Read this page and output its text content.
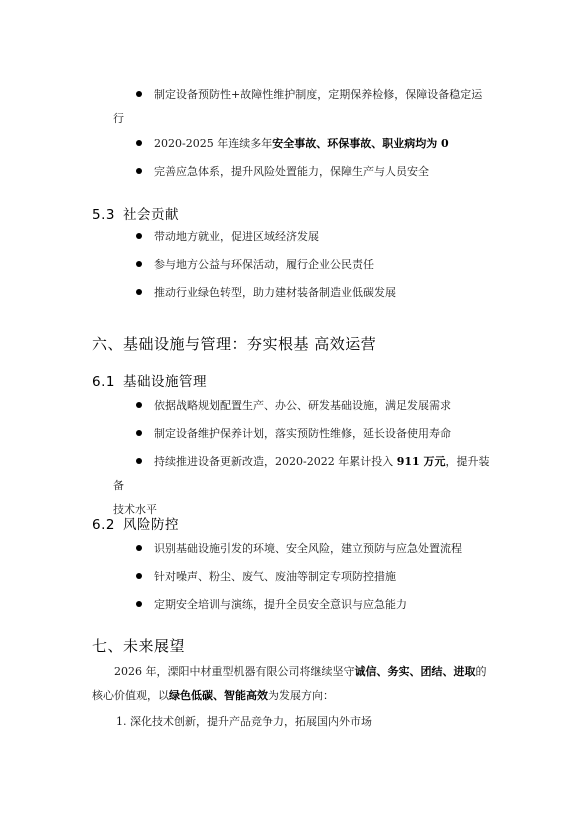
制定设备预防性+故障性维护制度，定期保养检修，保障设备稳定运
行
2020-2025 年连续多年安全事故、环保事故、职业病均为 0
完善应急体系，提升风险处置能力，保障生产与人员安全
5.3 社会贡献
带动地方就业，促进区域经济发展
参与地方公益与环保活动，履行企业公民责任
推动行业绿色转型，助力建材装备制造业低碳发展
六、基础设施与管理：夯实根基 高效运营
6.1 基础设施管理
依据战略规划配置生产、办公、研发基础设施，满足发展需求
制定设备维护保养计划，落实预防性维修，延长设备使用寿命
持续推进设备更新改造，2020-2022 年累计投入 911 万元，提升装备
技术水平
6.2 风险防控
识别基础设施引发的环境、安全风险，建立预防与应急处置流程
针对噪声、粉尘、废气、废油等制定专项防控措施
定期安全培训与演练，提升全员安全意识与应急能力
七、未来展望
2026 年，溧阳中材重型机器有限公司将继续坚守诚信、务实、团结、进取的核心价值观，以绿色低碳、智能高效为发展方向：
1. 深化技术创新，提升产品竞争力，拓展国内外市场
